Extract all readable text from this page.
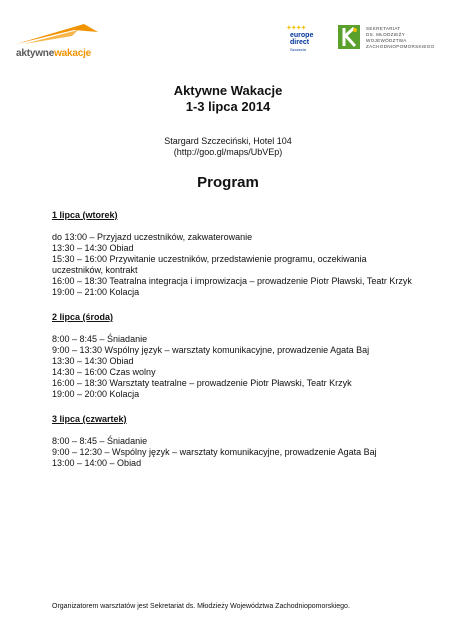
aktywnewakacje
✦✦✦✦
europe
direct
Szczecin
SEKRETARIAT
DS. MŁODZIEŻY
WOJEWÓDZTWA
ZACHODNIOPOMORSKIEGO
Aktywne Wakacje
1-3 lipca 2014
Stargard Szczeciński, Hotel 104
(http://goo.gl/maps/UbVEp)
Program
1 lipca (wtorek)
do 13:00 – Przyjazd uczestników, zakwaterowanie
13:30 – 14:30 Obiad
15:30 – 16:00 Przywitanie uczestników, przedstawienie programu, oczekiwania uczestników, kontrakt
16:00 – 18:30 Teatralna integracja i improwizacja – prowadzenie Piotr Pławski, Teatr Krzyk
19:00 – 21:00 Kolacja
2 lipca (środa)
8:00 – 8:45 – Śniadanie
9:00 – 13:30 Wspólny język – warsztaty komunikacyjne, prowadzenie Agata Baj
13:30 – 14:30 Obiad
14:30 – 16:00 Czas wolny
16:00 – 18:30 Warsztaty teatralne – prowadzenie Piotr Pławski, Teatr Krzyk
19:00 – 20:00 Kolacja
3 lipca (czwartek)
8:00 – 8:45 – Śniadanie
9:00 – 12:30 – Wspólny język – warsztaty komunikacyjne, prowadzenie Agata Baj
13:00 – 14:00 – Obiad
Organizatorem warsztatów jest Sekretariat ds. Młodzieży Województwa Zachodniopomorskiego.
